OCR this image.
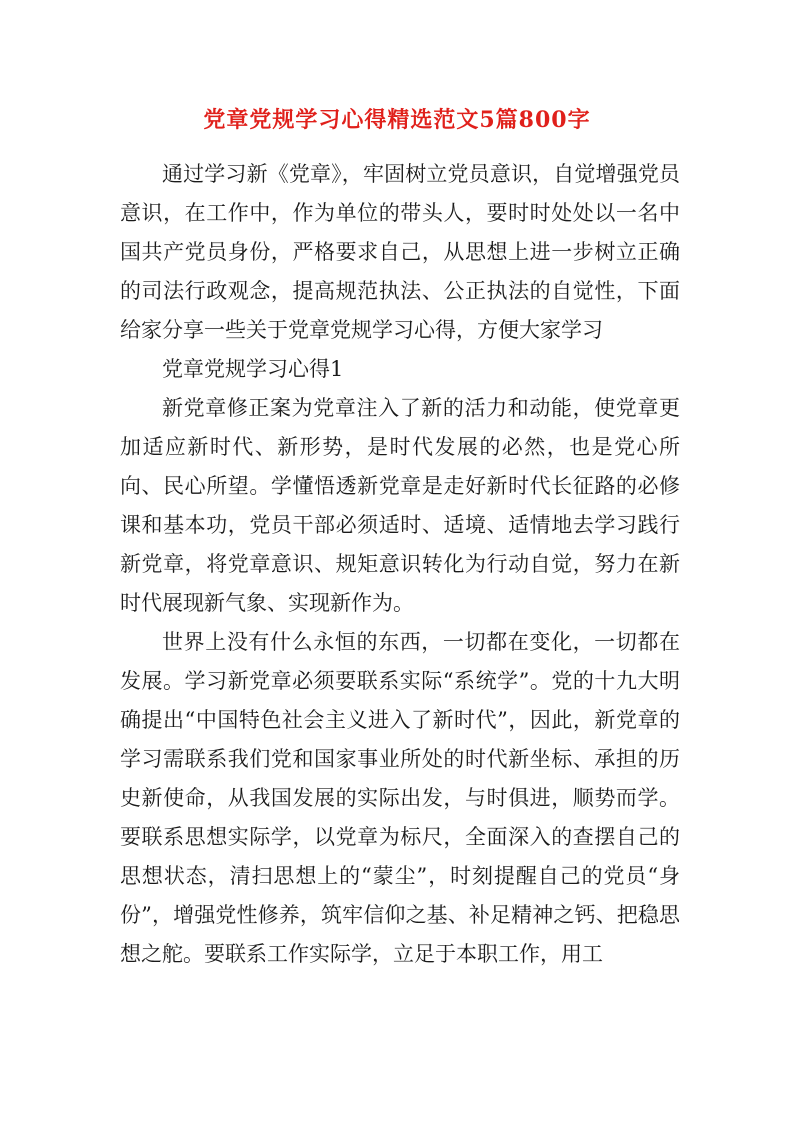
党章党规学习心得精选范文5篇800字

通过学习新《党章》，牢固树立党员意识，自觉增强党员意识，在工作中，作为单位的带头人，要时时处处以一名中国共产党员身份，严格要求自己，从思想上进一步树立正确的司法行政观念，提高规范执法、公正执法的自觉性，下面给家分享一些关于党章党规学习心得，方便大家学习

党章党规学习心得1

新党章修正案为党章注入了新的活力和动能，使党章更加适应新时代、新形势，是时代发展的必然，也是党心所向、民心所望。学懂悟透新党章是走好新时代长征路的必修课和基本功，党员干部必须适时、适境、适情地去学习践行新党章，将党章意识、规矩意识转化为行动自觉，努力在新时代展现新气象、实现新作为。

世界上没有什么永恒的东西，一切都在变化，一切都在发展。学习新党章必须要联系实际“系统学”。党的十九大明确提出“中国特色社会主义进入了新时代”，因此，新党章的学习需联系我们党和国家事业所处的时代新坐标、承担的历史新使命，从我国发展的实际出发，与时俱进，顺势而学。要联系思想实际学，以党章为标尺，全面深入的查摆自己的思想状态，清扫思想上的“蒙尘”，时刻提醒自己的党员“身份”，增强党性修养，筑牢信仰之基、补足精神之钙、把稳思想之舵。要联系工作实际学，立足于本职工作，用工
